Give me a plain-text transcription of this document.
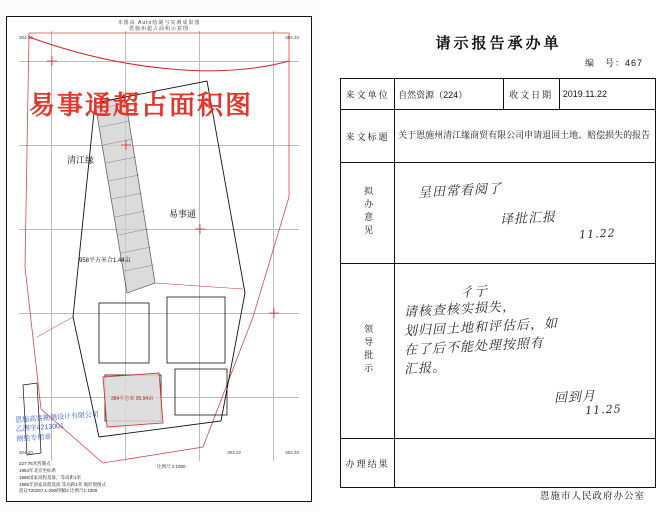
本图由 Auto绘制与实测成果图
恩施州超占面积示意图
304.20	304.33
304.20	304.33
304.22
易事通超占面积图
清江缘
易事通
958平方米合1.44亩
384平方米 95.94亩
恩施高客勘测设计有限公司
乙测字4213001
测绘专用章
227.76米控制点
1954年北京坐标系
1985国家高程基准，等高距1米
1985年国家高程基准 等高距1米 地形图图式
恩证T20257.1-200/图幅4 比例尺1:1000
比例尺 1:1000
请示报告承办单
编　号：467
来文单位	自然资源（224）	收文日期	2019.11.22
来文标题	关于恩施州清江缘商贸有限公司申请退回土地、赔偿损失的报告		
拟办意见	呈田常看阅了
译批汇报
11.22		

领导批示	
彳亍
请核查核实损失，
划归回土地和评估后，如
在了后不能处理按照有
汇报。
回到月
11.25

办理结果			
恩施市人民政府办公室
